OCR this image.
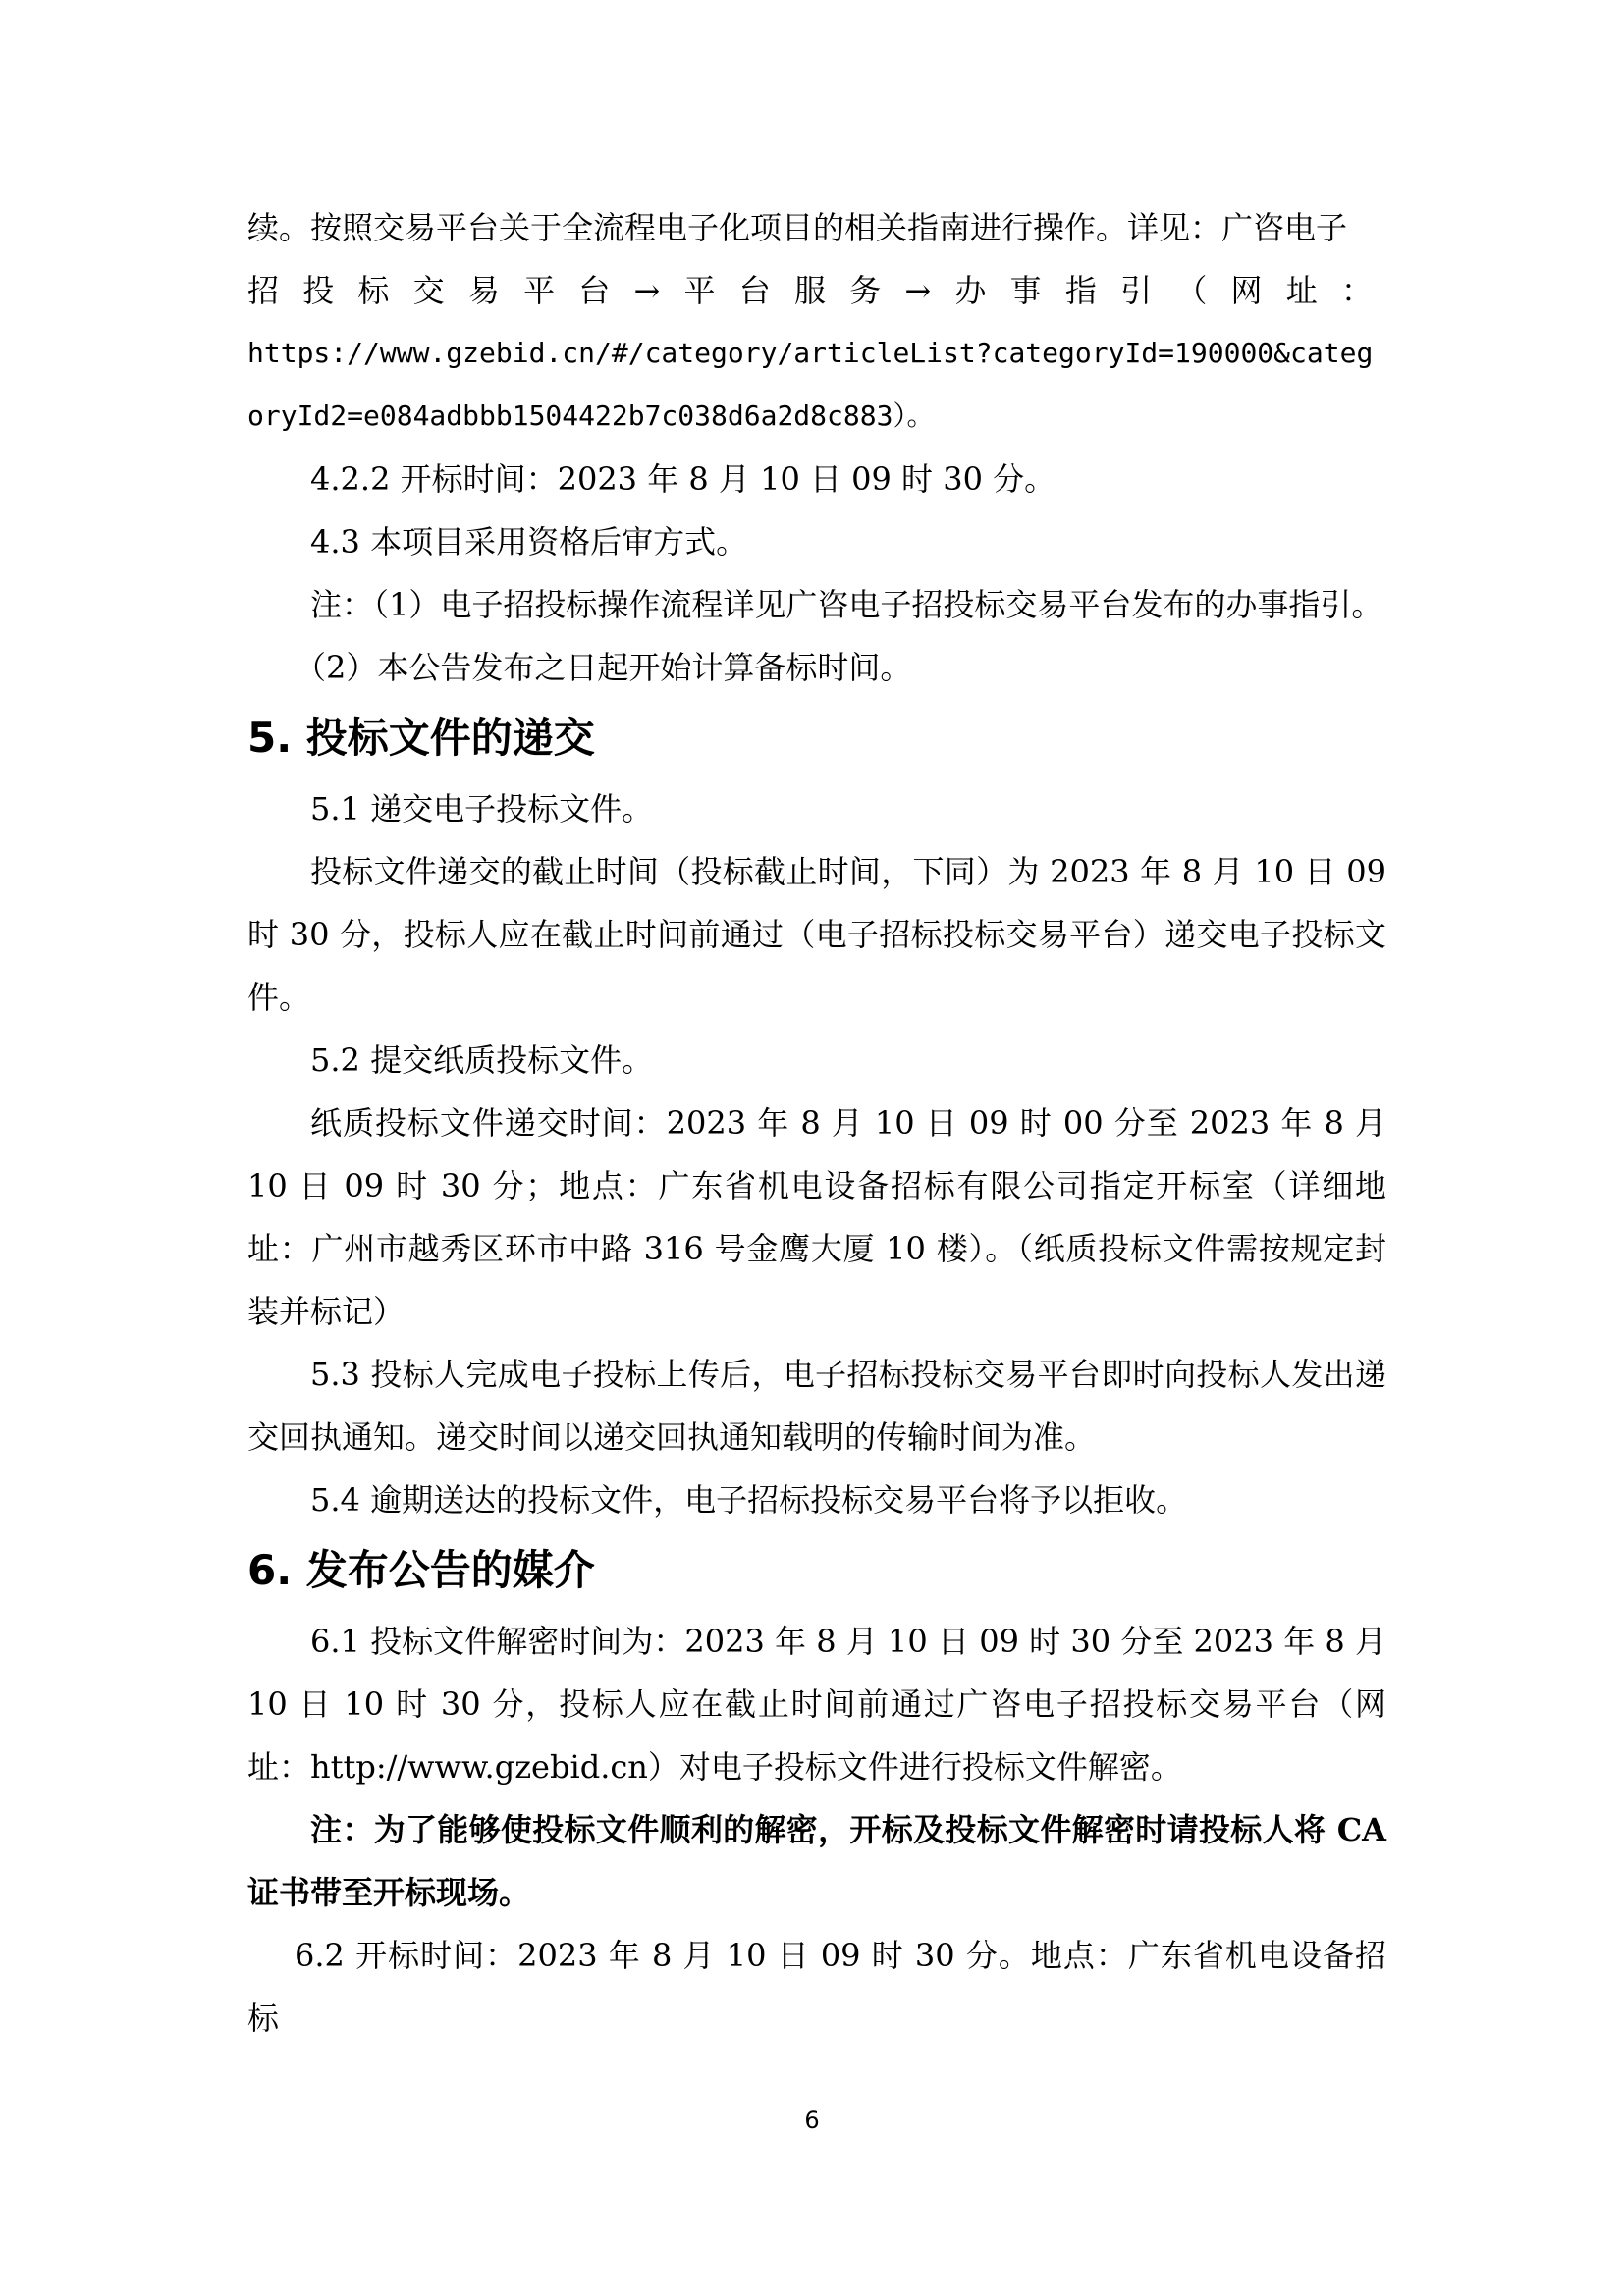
续。按照交易平台关于全流程电子化项目的相关指南进行操作。详见：广咨电子

招投标交易平台→平台服务→办事指引（网址：

https://www.gzebid.cn/#/category/articleList?categoryId=190000&categoryId2=e084adbbb1504422b7c038d6a2d8c883）。

4.2.2 开标时间：2023 年 8 月 10 日 09 时 30 分。

4.3 本项目采用资格后审方式。

注：（1）电子招投标操作流程详见广咨电子招投标交易平台发布的办事指引。

（2）本公告发布之日起开始计算备标时间。

5. 投标文件的递交

5.1 递交电子投标文件。

投标文件递交的截止时间（投标截止时间，下同）为 2023 年 8 月 10 日 09 时 30 分，投标人应在截止时间前通过（电子招标投标交易平台）递交电子投标文件。

5.2 提交纸质投标文件。

纸质投标文件递交时间：2023 年 8 月 10 日 09 时 00 分至 2023 年 8 月 10 日 09 时 30 分；地点：广东省机电设备招标有限公司指定开标室（详细地址：广州市越秀区环市中路 316 号金鹰大厦 10 楼）。（纸质投标文件需按规定封装并标记）

5.3 投标人完成电子投标上传后，电子招标投标交易平台即时向投标人发出递交回执通知。递交时间以递交回执通知载明的传输时间为准。

5.4 逾期送达的投标文件，电子招标投标交易平台将予以拒收。

6. 发布公告的媒介

6.1 投标文件解密时间为：2023 年 8 月 10 日 09 时 30 分至 2023 年 8 月 10 日 10 时 30 分，投标人应在截止时间前通过广咨电子招投标交易平台（网址：http://www.gzebid.cn）对电子投标文件进行投标文件解密。

注：为了能够使投标文件顺利的解密，开标及投标文件解密时请投标人将 CA 证书带至开标现场。

6.2 开标时间：2023 年 8 月 10 日 09 时 30 分。地点：广东省机电设备招标

6
